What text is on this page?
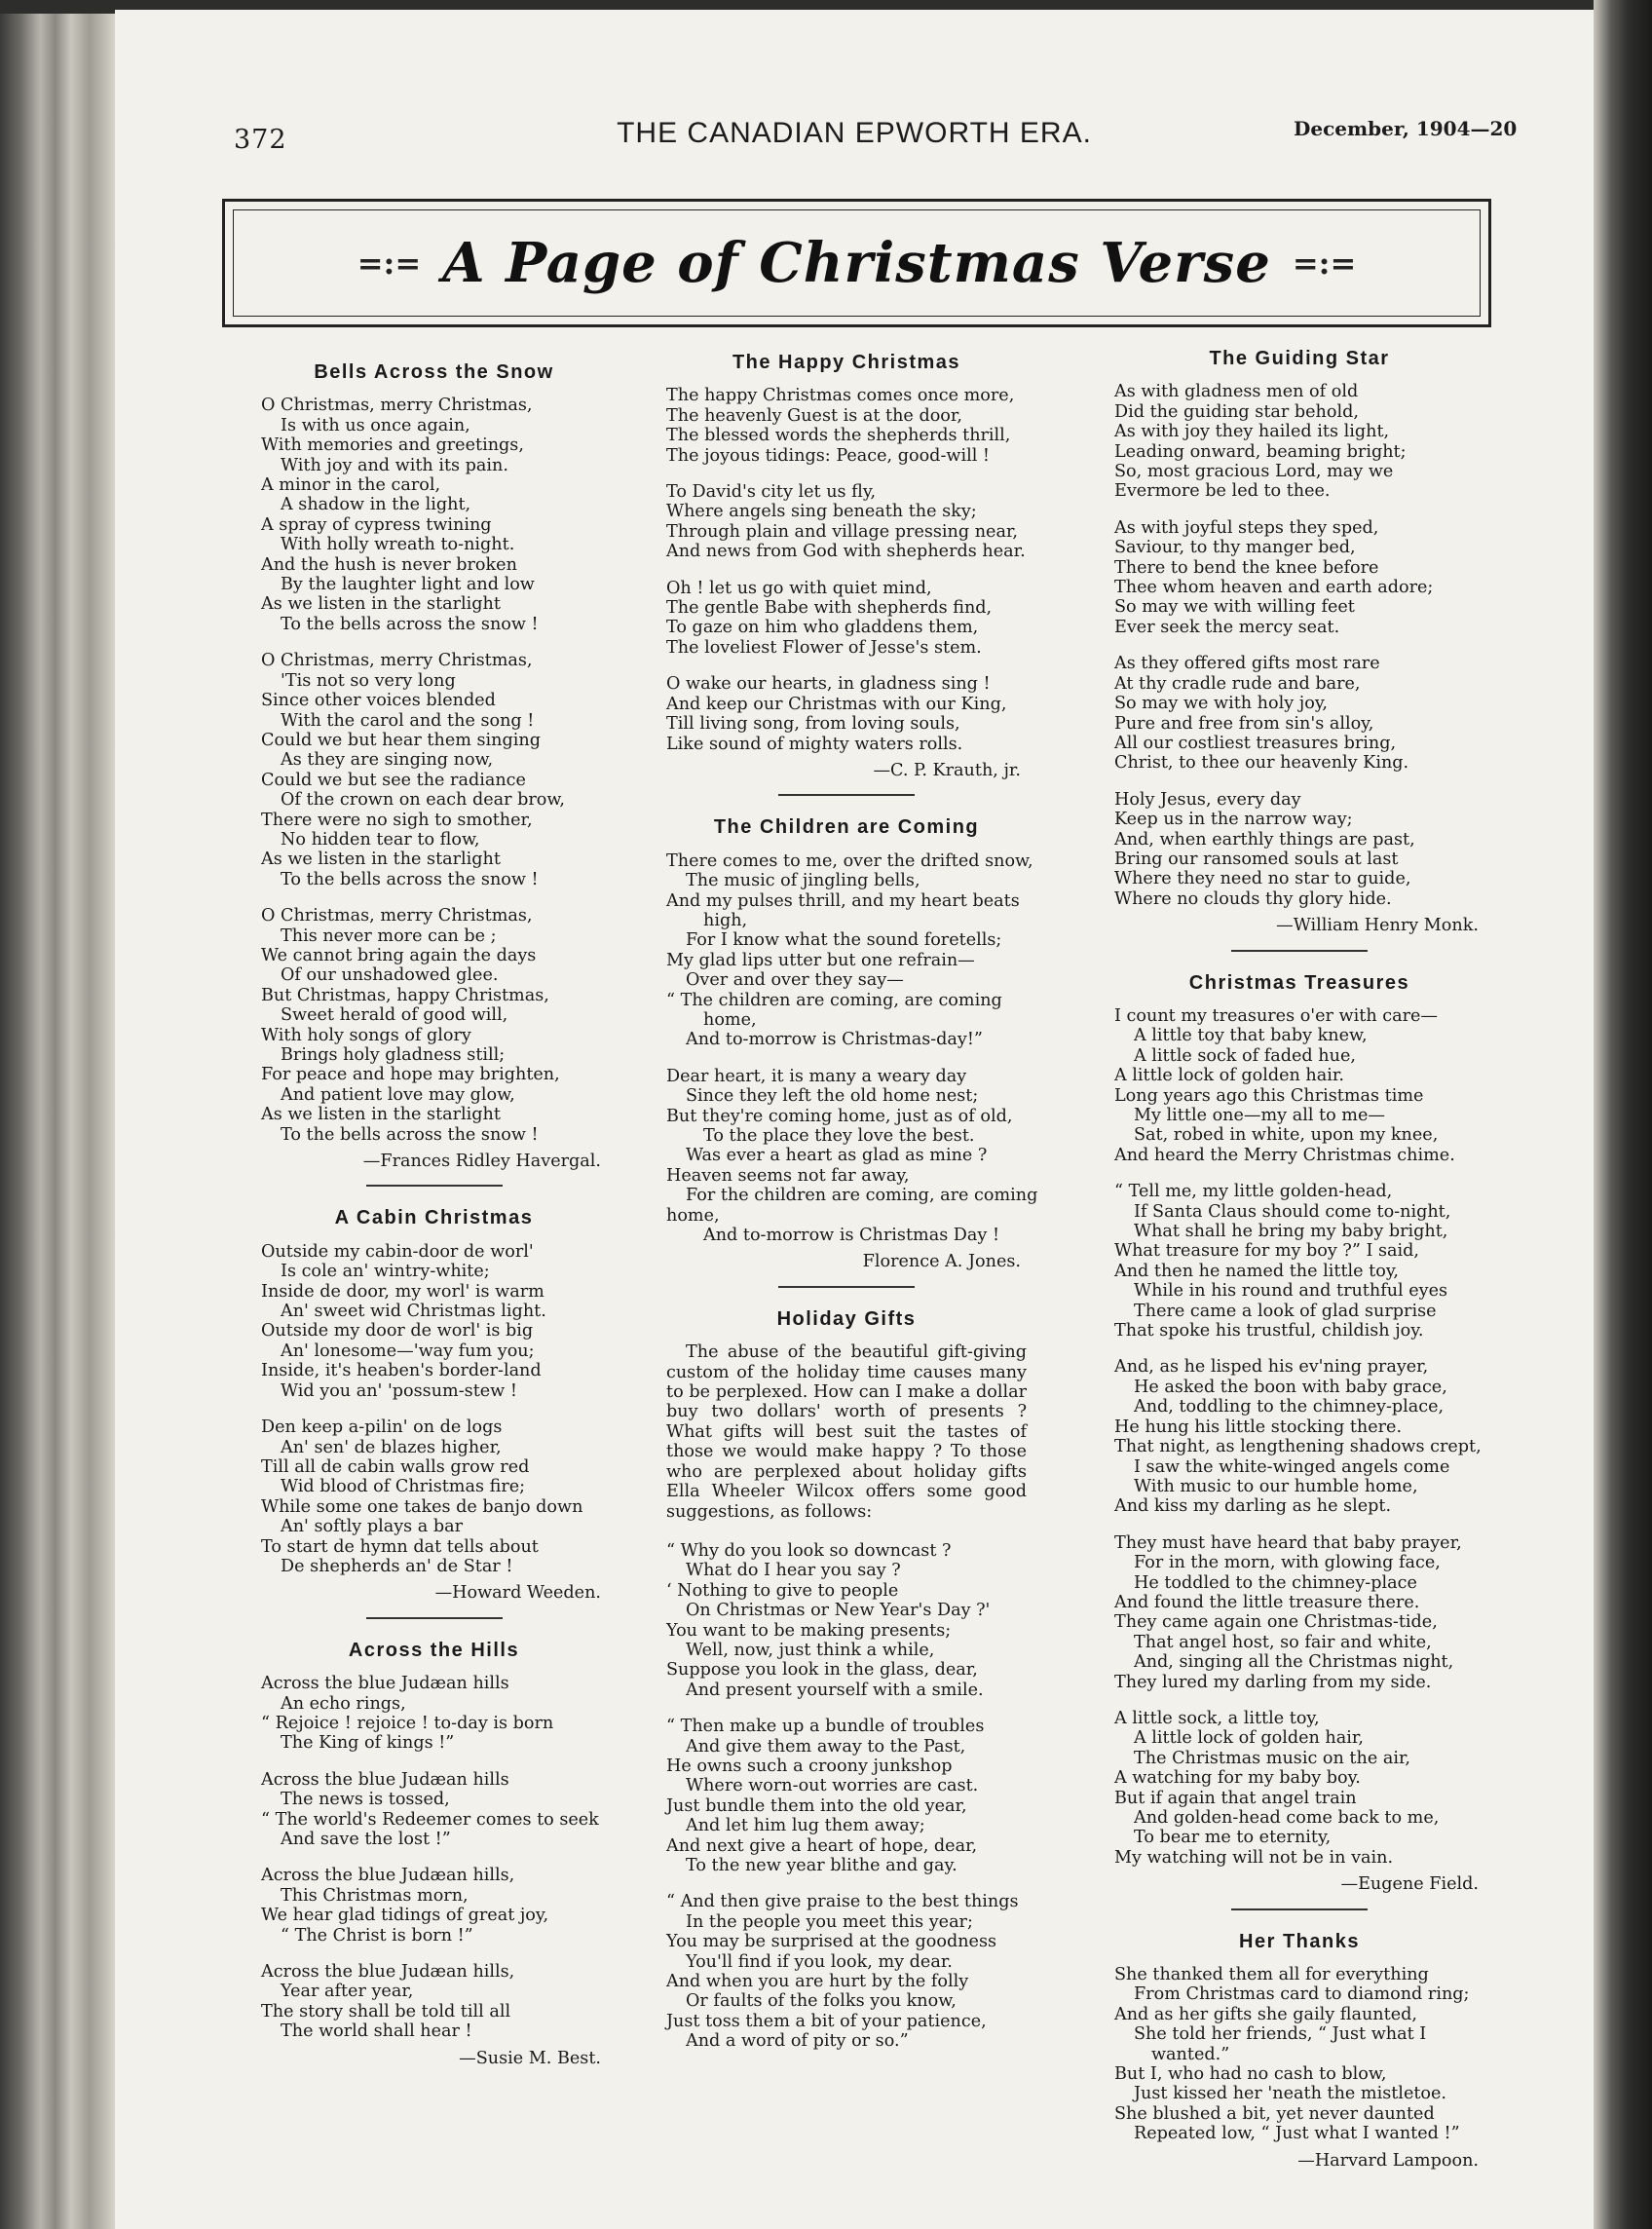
372	THE CANADIAN EPWORTH ERA.	December, 1904—20
=:= A Page of Christmas Verse =:=
Bells Across the Snow
O Christmas, merry Christmas,
Is with us once again,
With memories and greetings,
With joy and with its pain.
A minor in the carol,
A shadow in the light,
A spray of cypress twining
With holly wreath to-night.
And the hush is never broken
By the laughter light and low
As we listen in the starlight
To the bells across the snow !
O Christmas, merry Christmas,
'Tis not so very long
Since other voices blended
With the carol and the song !
Could we but hear them singing
As they are singing now,
Could we but see the radiance
Of the crown on each dear brow,
There were no sigh to smother,
No hidden tear to flow,
As we listen in the starlight
To the bells across the snow !
O Christmas, merry Christmas,
This never more can be ;
We cannot bring again the days
Of our unshadowed glee.
But Christmas, happy Christmas,
Sweet herald of good will,
With holy songs of glory
Brings holy gladness still;
For peace and hope may brighten,
And patient love may glow,
As we listen in the starlight
To the bells across the snow !
—Frances Ridley Havergal.
A Cabin Christmas
Outside my cabin-door de worl'
Is cole an' wintry-white;
Inside de door, my worl' is warm
An' sweet wid Christmas light.
Outside my door de worl' is big
An' lonesome—'way fum you;
Inside, it's heaben's border-land
Wid you an' 'possum-stew !
Den keep a-pilin' on de logs
An' sen' de blazes higher,
Till all de cabin walls grow red
Wid blood of Christmas fire;
While some one takes de banjo down
An' softly plays a bar
To start de hymn dat tells about
De shepherds an' de Star !
—Howard Weeden.
Across the Hills
Across the blue Judæan hills
An echo rings,
“ Rejoice ! rejoice ! to-day is born
The King of kings !”
Across the blue Judæan hills
The news is tossed,
“ The world's Redeemer comes to seek
And save the lost !”
Across the blue Judæan hills,
This Christmas morn,
We hear glad tidings of great joy,
“ The Christ is born !”
Across the blue Judæan hills,
Year after year,
The story shall be told till all
The world shall hear !
—Susie M. Best.
The Happy Christmas
The happy Christmas comes once more,
The heavenly Guest is at the door,
The blessed words the shepherds thrill,
The joyous tidings: Peace, good-will !
To David's city let us fly,
Where angels sing beneath the sky;
Through plain and village pressing near,
And news from God with shepherds hear.
Oh ! let us go with quiet mind,
The gentle Babe with shepherds find,
To gaze on him who gladdens them,
The loveliest Flower of Jesse's stem.
O wake our hearts, in gladness sing !
And keep our Christmas with our King,
Till living song, from loving souls,
Like sound of mighty waters rolls.
—C. P. Krauth, jr.
The Children are Coming
There comes to me, over the drifted snow,
The music of jingling bells,
And my pulses thrill, and my heart beats
high,
For I know what the sound foretells;
My glad lips utter but one refrain—
Over and over they say—
“ The children are coming, are coming
home,
And to-morrow is Christmas-day!”
Dear heart, it is many a weary day
Since they left the old home nest;
But they're coming home, just as of old,
To the place they love the best.
Was ever a heart as glad as mine ?
Heaven seems not far away,
For the children are coming, are coming
home,
And to-morrow is Christmas Day !
Florence A. Jones.
Holiday Gifts
The abuse of the beautiful gift-giving custom of the holiday time causes many to be perplexed. How can I make a dollar buy two dollars' worth of presents ? What gifts will best suit the tastes of those we would make happy ? To those who are perplexed about holiday gifts Ella Wheeler Wilcox offers some good suggestions, as follows:
“ Why do you look so downcast ?
What do I hear you say ?
‘ Nothing to give to people
On Christmas or New Year's Day ?'
You want to be making presents;
Well, now, just think a while,
Suppose you look in the glass, dear,
And present yourself with a smile.
“ Then make up a bundle of troubles
And give them away to the Past,
He owns such a croony junkshop
Where worn-out worries are cast.
Just bundle them into the old year,
And let him lug them away;
And next give a heart of hope, dear,
To the new year blithe and gay.
“ And then give praise to the best things
In the people you meet this year;
You may be surprised at the goodness
You'll find if you look, my dear.
And when you are hurt by the folly
Or faults of the folks you know,
Just toss them a bit of your patience,
And a word of pity or so.”
The Guiding Star
As with gladness men of old
Did the guiding star behold,
As with joy they hailed its light,
Leading onward, beaming bright;
So, most gracious Lord, may we
Evermore be led to thee.
As with joyful steps they sped,
Saviour, to thy manger bed,
There to bend the knee before
Thee whom heaven and earth adore;
So may we with willing feet
Ever seek the mercy seat.
As they offered gifts most rare
At thy cradle rude and bare,
So may we with holy joy,
Pure and free from sin's alloy,
All our costliest treasures bring,
Christ, to thee our heavenly King.
Holy Jesus, every day
Keep us in the narrow way;
And, when earthly things are past,
Bring our ransomed souls at last
Where they need no star to guide,
Where no clouds thy glory hide.
—William Henry Monk.
Christmas Treasures
I count my treasures o'er with care—
A little toy that baby knew,
A little sock of faded hue,
A little lock of golden hair.
Long years ago this Christmas time
My little one—my all to me—
Sat, robed in white, upon my knee,
And heard the Merry Christmas chime.
“ Tell me, my little golden-head,
If Santa Claus should come to-night,
What shall he bring my baby bright,
What treasure for my boy ?” I said,
And then he named the little toy,
While in his round and truthful eyes
There came a look of glad surprise
That spoke his trustful, childish joy.
And, as he lisped his ev'ning prayer,
He asked the boon with baby grace,
And, toddling to the chimney-place,
He hung his little stocking there.
That night, as lengthening shadows crept,
I saw the white-winged angels come
With music to our humble home,
And kiss my darling as he slept.
They must have heard that baby prayer,
For in the morn, with glowing face,
He toddled to the chimney-place
And found the little treasure there.
They came again one Christmas-tide,
That angel host, so fair and white,
And, singing all the Christmas night,
They lured my darling from my side.
A little sock, a little toy,
A little lock of golden hair,
The Christmas music on the air,
A watching for my baby boy.
But if again that angel train
And golden-head come back to me,
To bear me to eternity,
My watching will not be in vain.
—Eugene Field.
Her Thanks
She thanked them all for everything
From Christmas card to diamond ring;
And as her gifts she gaily flaunted,
She told her friends, “ Just what I
wanted.”
But I, who had no cash to blow,
Just kissed her 'neath the mistletoe.
She blushed a bit, yet never daunted
Repeated low, “ Just what I wanted !”
—Harvard Lampoon.
